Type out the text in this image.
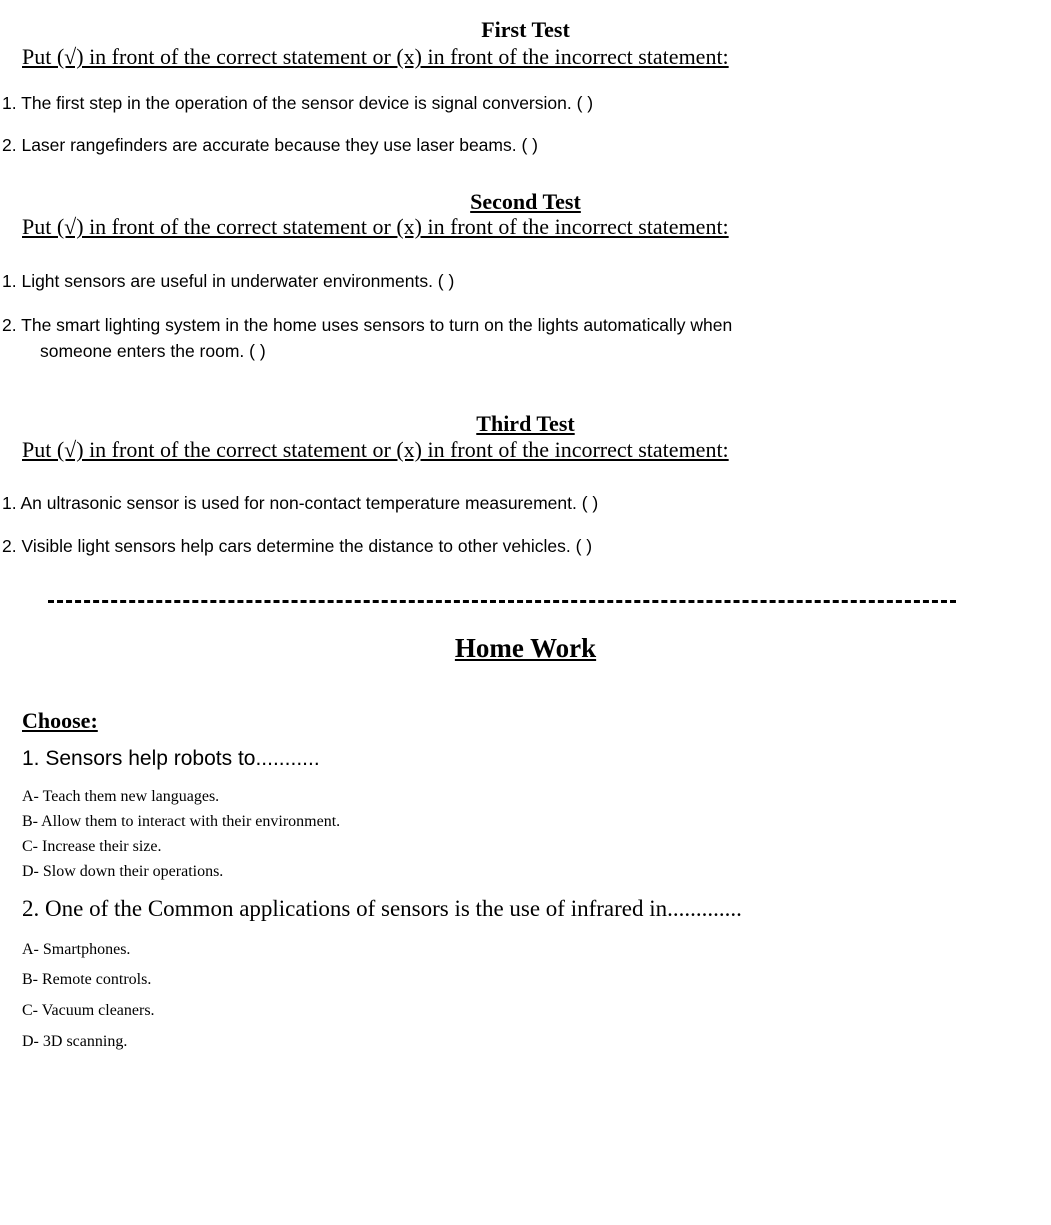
First Test
Put (√) in front of the correct statement or (x) in front of the incorrect statement:
1. The first step in the operation of the sensor device is signal conversion. ( )
2. Laser rangefinders are accurate because they use laser beams. ( )
Second Test
Put (√) in front of the correct statement or (x) in front of the incorrect statement:
1. Light sensors are useful in underwater environments. ( )
2. The smart lighting system in the home uses sensors to turn on the lights automatically when
someone enters the room. ( )
Third Test
Put (√) in front of the correct statement or (x) in front of the incorrect statement:
1. An ultrasonic sensor is used for non-contact temperature measurement. ( )
2. Visible light sensors help cars determine the distance to other vehicles. ( )
Home Work
Choose:
1. Sensors help robots to...........
A- Teach them new languages.
B- Allow them to interact with their environment.
C- Increase their size.
D- Slow down their operations.
2. One of the Common applications of sensors is the use of infrared in.............
A- Smartphones.
B- Remote controls.
C- Vacuum cleaners.
D- 3D scanning.
